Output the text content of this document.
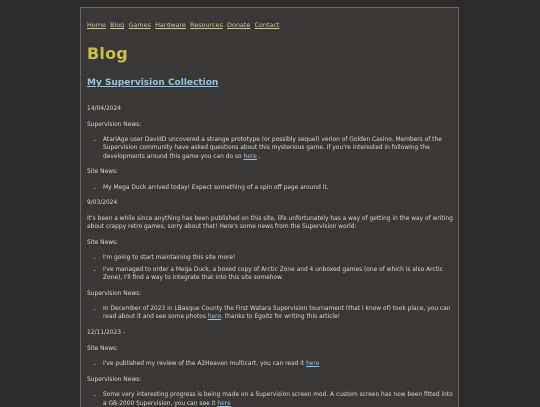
Home Blog Games Hardware Resources Donate Contact
Blog
My Supervision Collection

14/04/2024

Supervision News:

• AtariAge user DavidD uncovered a strange prototype (or possibly sequel) verion of Golden Casino. Members of the Supervision community have asked questions about this mysterious game. If you're interested in following the developments around this game you can do so here .

Site News:

• My Mega Duck arrived today! Expect something of a spin off page around it.

9/03/2024

It's been a while since anything has been published on this site, life unfortunately has a way of getting in the way of writing about crappy retro games, sorry about that! Here's some news from the Supervision world:

Site News:

• I'm going to start maintaining this site more!
• I've managed to order a Mega Duck, a boxed copy of Arctic Zone and 4 unboxed games (one of which is also Arctic Zone), I'll find a way to integrate that into this site somehow.

Supervision News:

• In December of 2023 in LBasque County the First Watara Supervision tournament (that I know of) took place, you can read about it and see some photos here, thanks to Egoitz for writing this article!

12/11/2023 -

Site News:

• I've published my review of the A2Heaven multicart, you can read it here

Supervision News:

• Some very interesting progress is being made on a Supervision screen mod. A custom screen has now been fitted into a GB-2000 Supervision, you can see it here
